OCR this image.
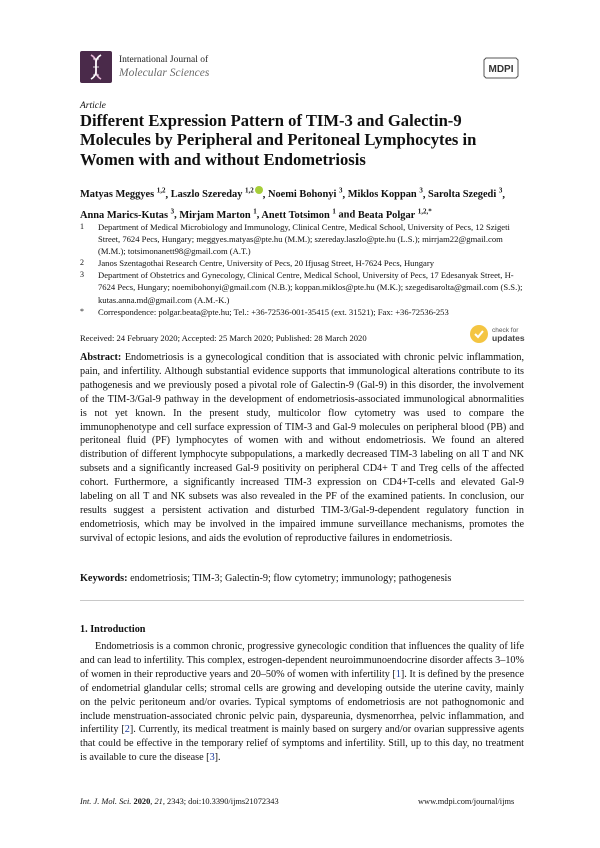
International Journal of
Molecular Sciences	MDPI
Article
Different Expression Pattern of TIM-3 and Galectin-9 Molecules by Peripheral and Peritoneal Lymphocytes in Women with and without Endometriosis
Matyas Meggyes $^{1,2}$, Laszlo Szereday $^{1,2}$ , Noemi Bohonyi $^3$, Miklos Koppan $^3$, Sarolta Szegedi $^3$, Anna Marics-Kutas $^3$, Mirjam Marton $^1$, Anett Totsimon $^1$ and Beata Polgar $^{1,2,*}$
1	Department of Medical Microbiology and Immunology, Clinical Centre, Medical School, University of Pecs, 12 Szigeti Street, 7624 Pecs, Hungary; meggyes.matyas@pte.hu (M.M.); szereday.laszlo@pte.hu (L.S.); mirrjam22@gmail.com (M.M.); totsimonanett98@gmail.com (A.T.)
2	Janos Szentagothai Research Centre, University of Pecs, 20 Ifjusag Street, H-7624 Pecs, Hungary
3	Department of Obstetrics and Gynecology, Clinical Centre, Medical School, University of Pecs, 17 Edesanyak Street, H-7624 Pecs, Hungary; noemibohonyi@gmail.com (N.B.); koppan.miklos@pte.hu (M.K.); szegedisarolta@gmail.com (S.S.); kutas.anna.md@gmail.com (A.M.-K.)
*	Correspondence: polgar.beata@pte.hu; Tel.: +36-72536-001-35415 (ext. 31521); Fax: +36-72536-253
Received: 24 February 2020; Accepted: 25 March 2020; Published: 28 March 2020
check for
updates
Abstract: Endometriosis is a gynecological condition that is associated with chronic pelvic inflammation, pain, and infertility. Although substantial evidence supports that immunological alterations contribute to its pathogenesis and we previously posed a pivotal role of Galectin-9 (Gal-9) in this disorder, the involvement of the TIM-3/Gal-9 pathway in the development of endometriosis-associated immunological abnormalities is not yet known. In the present study, multicolor flow cytometry was used to compare the immunophenotype and cell surface expression of TIM-3 and Gal-9 molecules on peripheral blood (PB) and peritoneal fluid (PF) lymphocytes of women with and without endometriosis. We found an altered distribution of different lymphocyte subpopulations, a markedly decreased TIM-3 labeling on all T and NK subsets and a significantly increased Gal-9 positivity on peripheral CD4+ T and Treg cells of the affected cohort. Furthermore, a significantly increased TIM-3 expression on CD4+T-cells and elevated Gal-9 labeling on all T and NK subsets was also revealed in the PF of the examined patients. In conclusion, our results suggest a persistent activation and disturbed TIM-3/Gal-9-dependent regulatory function in endometriosis, which may be involved in the impaired immune surveillance mechanisms, promotes the survival of ectopic lesions, and aids the evolution of reproductive failures in endometriosis.
Keywords: endometriosis; TIM-3; Galectin-9; flow cytometry; immunology; pathogenesis
1. Introduction
Endometriosis is a common chronic, progressive gynecologic condition that influences the quality of life and can lead to infertility. This complex, estrogen-dependent neuroimmunoendocrine disorder affects 3–10% of women in their reproductive years and 20–50% of women with infertility [1]. It is defined by the presence of endometrial glandular cells; stromal cells are growing and developing outside the uterine cavity, mainly on the pelvic peritoneum and/or ovaries. Typical symptoms of endometriosis are not pathognomonic and include menstruation-associated chronic pelvic pain, dyspareunia, dysmenorrhea, pelvic inflammation, and infertility [2]. Currently, its medical treatment is mainly based on surgery and/or ovarian suppressive agents that could be effective in the temporary relief of symptoms and infertility. Still, up to this day, no treatment is available to cure the disease [3].
Int. J. Mol. Sci. 2020, 21, 2343; doi:10.3390/ijms21072343	www.mdpi.com/journal/ijms
